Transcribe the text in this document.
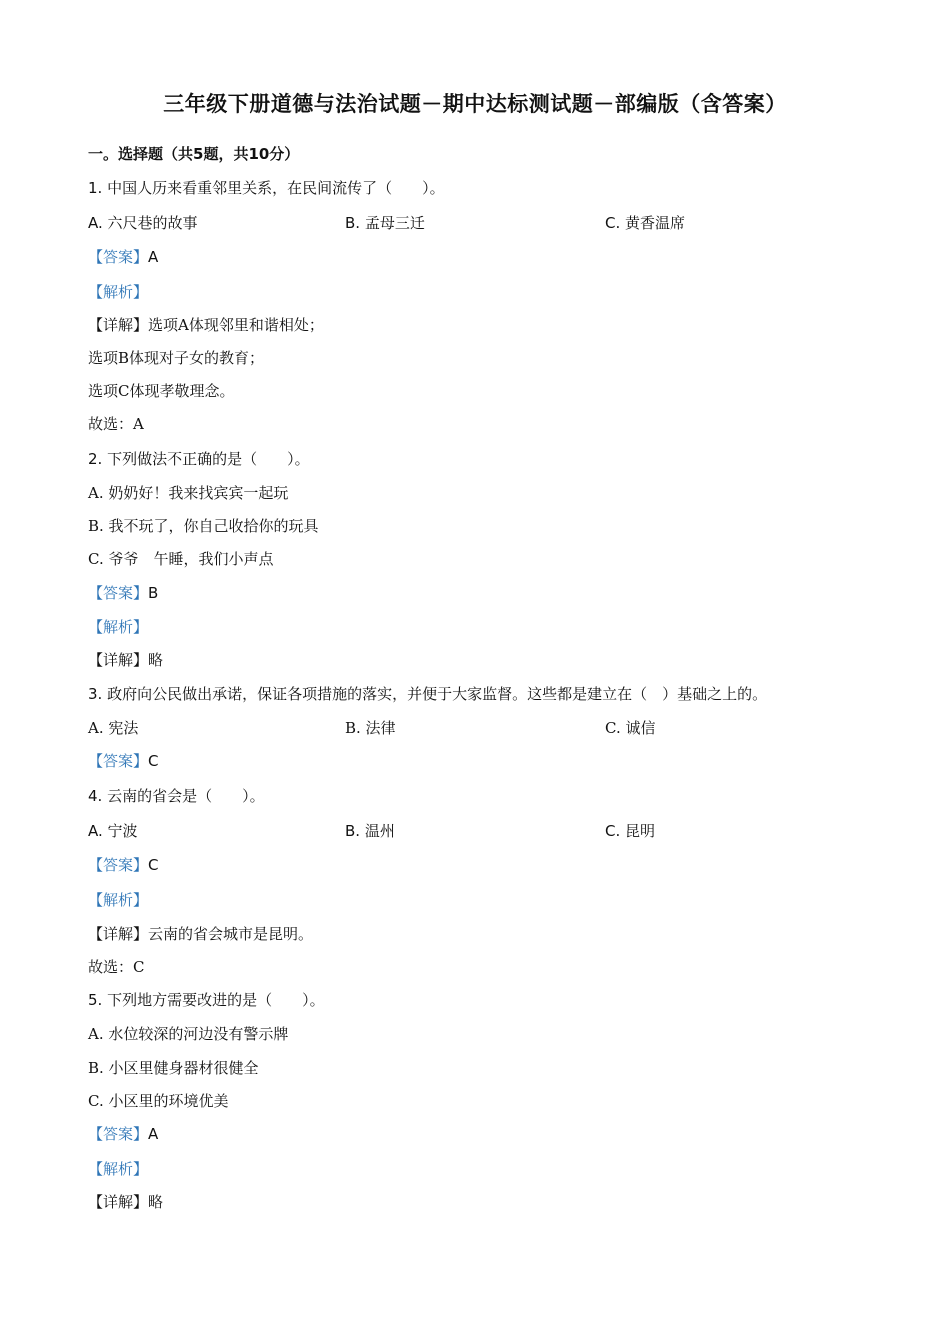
三年级下册道德与法治试题－期中达标测试题－部编版（含答案）
一。选择题（共5题，共10分）
1. 中国人历来看重邻里关系，在民间流传了（　　）。
A. 六尺巷的故事	B. 孟母三迁	C. 黄香温席
【答案】A
【解析】
【详解】选项A体现邻里和谐相处；
选项B体现对子女的教育；
选项C体现孝敬理念。
故选：A
2. 下列做法不正确的是（　　）。
A. 奶奶好！我来找宾宾一起玩
B. 我不玩了，你自己收拾你的玩具
C. 爷爷　午睡，我们小声点
【答案】B
【解析】
【详解】略
3. 政府向公民做出承诺，保证各项措施的落实，并便于大家监督。这些都是建立在（　）基础之上的。
A. 宪法	B. 法律	C. 诚信
【答案】C
4. 云南的省会是（　　）。
A. 宁波	B. 温州	C. 昆明
【答案】C
【解析】
【详解】云南的省会城市是昆明。
故选：C
5. 下列地方需要改进的是（　　）。
A. 水位较深的河边没有警示牌
B. 小区里健身器材很健全
C. 小区里的环境优美
【答案】A
【解析】
【详解】略
